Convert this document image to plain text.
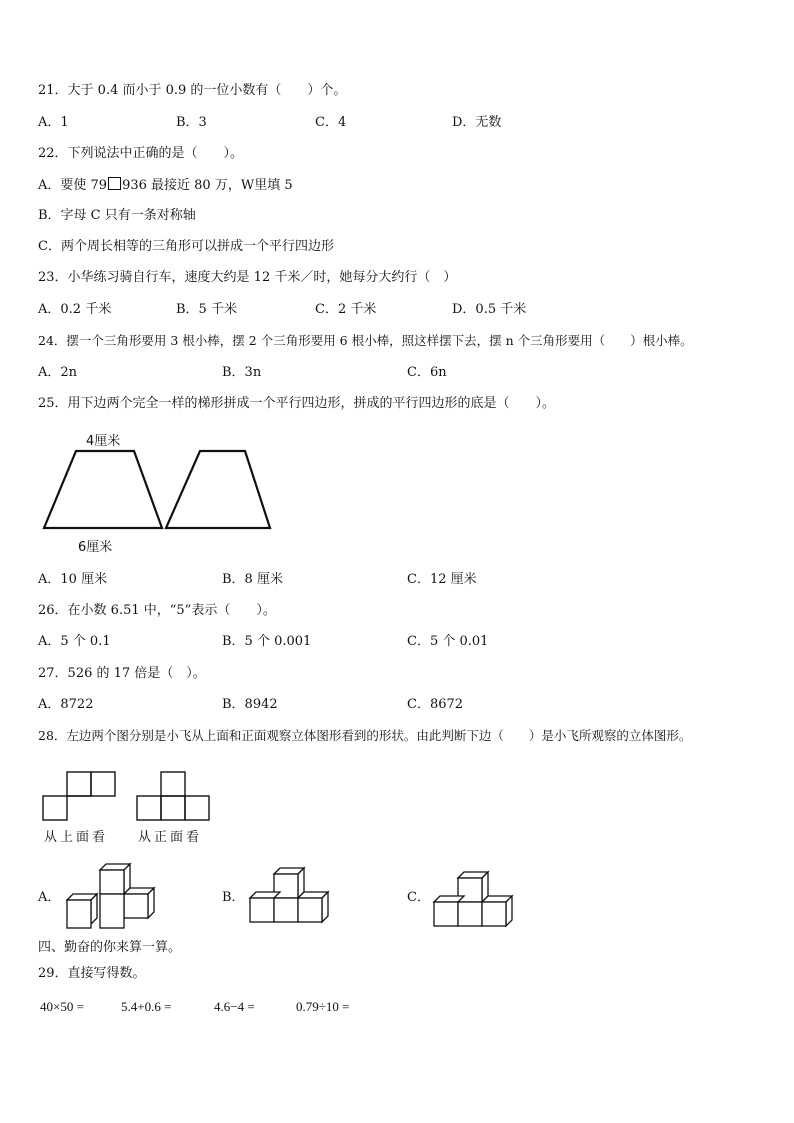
21．大于 0.4 而小于 0.9 的一位小数有（　　）个。
A．1	B．3	C．4	D．无数
22．下列说法中正确的是（　　）。
A．要使 79 936 最接近 80 万，W里填 5
B．字母 C 只有一条对称轴
C．两个周长相等的三角形可以拼成一个平行四边形
23．小华练习骑自行车，速度大约是 12 千米／时，她每分大约行（　）
A．0.2 千米	B．5 千米	C．2 千米	D．0.5 千米
24．摆一个三角形要用 3 根小棒，摆 2 个三角形要用 6 根小棒，照这样摆下去，摆 n 个三角形要用（　　）根小棒。
A．2n	B．3n	C．6n
25．用下边两个完全一样的梯形拼成一个平行四边形，拼成的平行四边形的底是（　　）。
4厘米
6厘米
A．10 厘米	B．8 厘米	C．12 厘米
26．在小数 6.51 中，“5”表示（　　）。
A．5 个 0.1	B．5 个 0.001	C．5 个 0.01
27．526 的 17 倍是（　）。
A．8722	B．8942	C．8672
28．左边两个图分别是小飞从上面和正面观察立体图形看到的形状。由此判断下边（　　）是小飞所观察的立体图形。
从上面看 从正面看
A．	B．	C．
四、勤奋的你来算一算。
29．直接写得数。
40×50 =	5.4+0.6 =	4.6−4 =	0.79÷10 =
